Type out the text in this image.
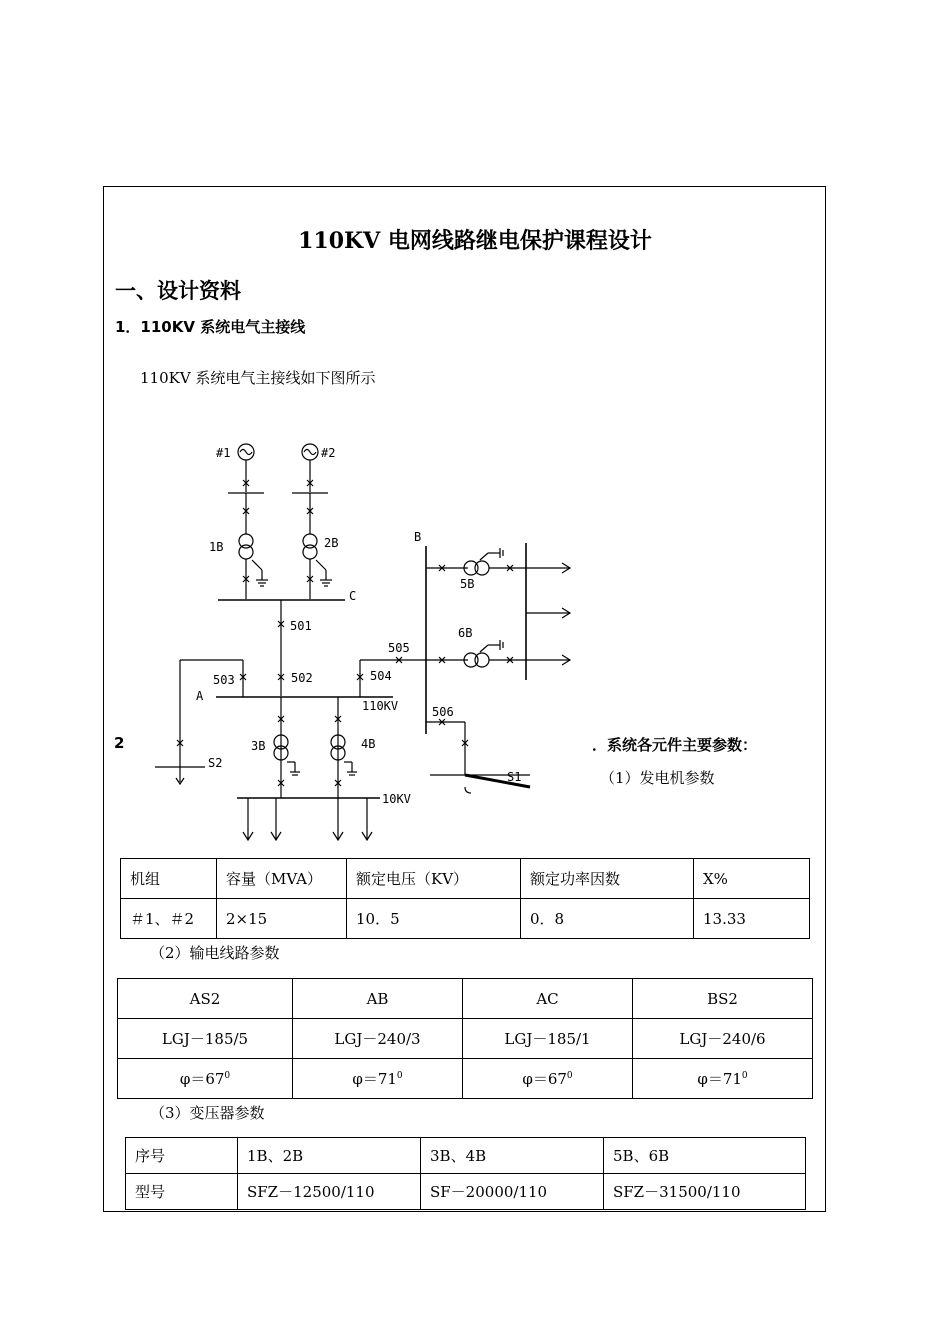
110KV 电网线路继电保护课程设计
一、设计资料
1．110KV 系统电气主接线
110KV 系统电气主接线如下图所示
2	．系统各元件主要参数：
（1）发电机参数
#1	#2
1B	2B
C
501
502
503	504
505
506
A
110KV
3B	4B
10KV
S2
S1
B
5B
6B
机组	容量（MVA）	额定电压（KV）	额定功率因数	X%
＃1、＃2	2×15	10．5	0．8	13.33
（2）输电线路参数
AS2	AB	AC	BS2
LGJ－185/5	LGJ－240/3	LGJ－185/1	LGJ－240/6
$\varphi=67^0$	$\varphi=71^0$	$\varphi=67^0$	$\varphi=71^0$
（3）变压器参数
序号	1B、2B	3B、4B	5B、6B
型号	SFZ－12500/110	SF－20000/110	SFZ－31500/110
